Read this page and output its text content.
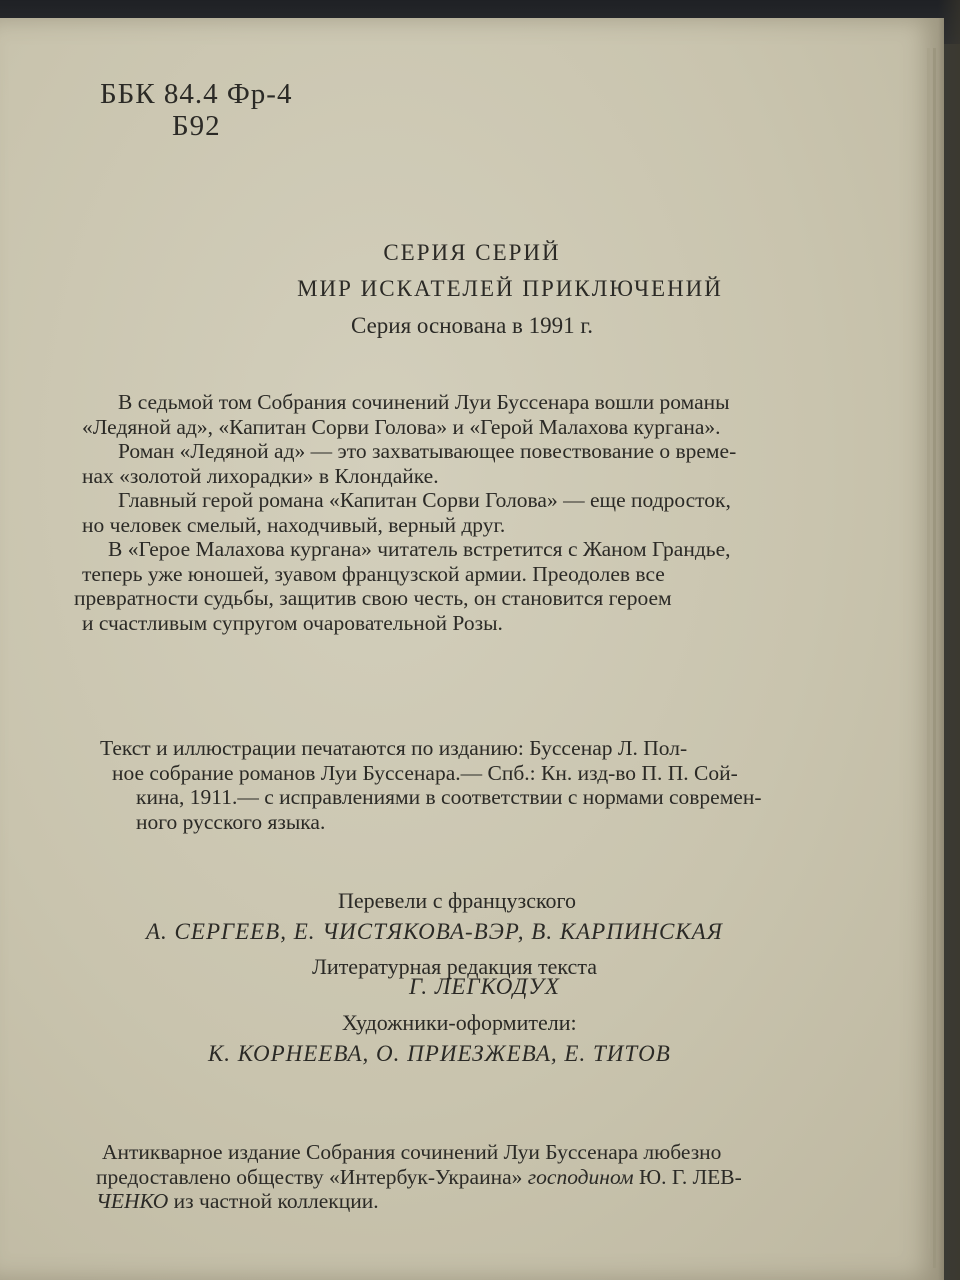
ББК 84.4 Фр-4
Б92
СЕРИЯ СЕРИЙ
МИР ИСКАТЕЛЕЙ ПРИКЛЮЧЕНИЙ
Серия основана в 1991 г.
В седьмой том Собрания сочинений Луи Буссенара вошли романы
«Ледяной ад», «Капитан Сорви Голова» и «Герой Малахова кургана».
Роман «Ледяной ад» — это захватывающее повествование о време-
нах «золотой лихорадки» в Клондайке.
Главный герой романа «Капитан Сорви Голова» — еще подросток,
но человек смелый, находчивый, верный друг.
В «Герое Малахова кургана» читатель встретится с Жаном Грандье,
теперь уже юношей, зуавом французской армии. Преодолев все
превратности судьбы, защитив свою честь, он становится героем
и счастливым супругом очаровательной Розы.
Текст и иллюстрации печатаются по изданию: Буссенар Л. Пол-
ное собрание романов Луи Буссенара.— Спб.: Кн. изд-во П. П. Сой-
кина, 1911.— с исправлениями в соответствии с нормами современ-
ного русского языка.
Перевели с французского
А. СЕРГЕЕВ, Е. ЧИСТЯКОВА-ВЭР, В. КАРПИНСКАЯ
Литературная редакция текста
Г. ЛЕГКОДУХ
Художники-оформители:
К. КОРНЕЕВА, О. ПРИЕЗЖЕВА, Е. ТИТОВ
Антикварное издание Собрания сочинений Луи Буссенара любезно
предоставлено обществу «Интербук-Украина» господином Ю. Г. ЛЕВ-
ЧЕНКО из частной коллекции.
